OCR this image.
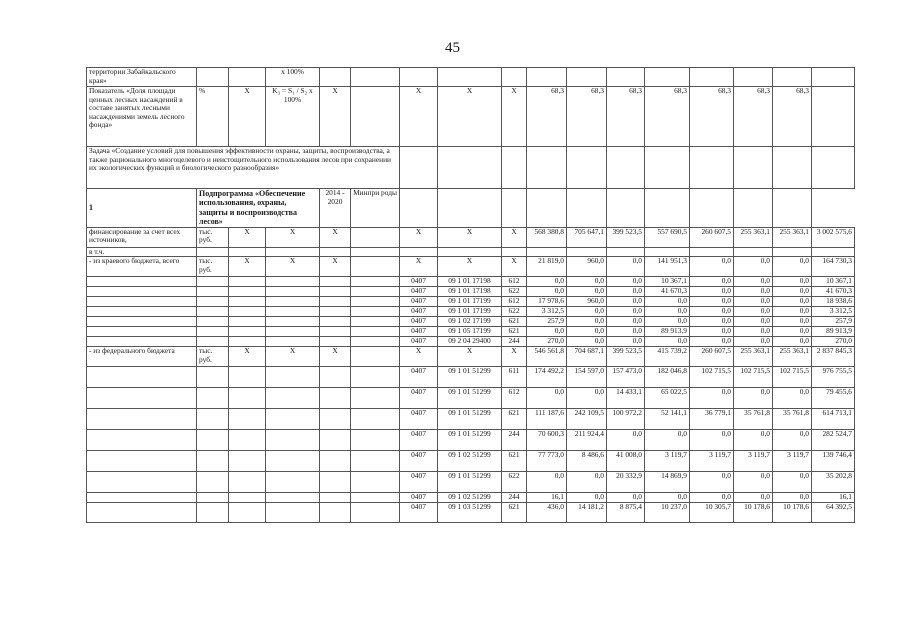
45
территории Забайкальского края»			х 100%													
Показатель «Доля площади ценных лесных насаждений в составе занятых лесными насаждениями земель лесного фонда»	%	X	K₃ = S₁ / S₂ x 100%	X		X	X	X	68,3	68,3	68,3	68,3	68,3	68,3	68,3	
Задача «Создание условий для повышения эффективности охраны, защиты, воспроизводства, а также рационального многоцелевого и неистощительного использования лесов при сохранении их экологических функций и биологического разнообразия»																
1	Подпрограмма «Обеспечение использования, охраны, защиты и воспроизводства лесов»			2014 - 2020	Минпри роды											
финансирование за счет всех источников,	тыс. руб.	X	X	X		X	X	X	568 380,8	705 647,1	399 523,5	557 690,5	260 607,5	255 363,1	255 363,1	3 002 575,6
в т.ч.																
- из краевого бюджета, всего	тыс. руб.	X	X	X		X	X	X	21 819,0	960,0	0,0	141 951,3	0,0	0,0	0,0	164 730,3
						0407	09 1 01 17198	612	0,0	0,0	0,0	10 367,1	0,0	0,0	0,0	10 367,1
						0407	09 1 01 17198	622	0,0	0,0	0,0	41 670,3	0,0	0,0	0,0	41 670,3
						0407	09 1 01 17199	612	17 978,6	960,0	0,0	0,0	0,0	0,0	0,0	18 938,6
						0407	09 1 01 17199	622	3 312,5	0,0	0,0	0,0	0,0	0,0	0,0	3 312,5
						0407	09 1 02 17199	621	257,9	0,0	0,0	0,0	0,0	0,0	0,0	257,9
						0407	09 1 05 17199	621	0,0	0,0	0,0	89 913,9	0,0	0,0	0,0	89 913,9
						0407	09 2 04 29400	244	270,0	0,0	0,0	0,0	0,0	0,0	0,0	270,0
- из федерального бюджета	тыс. руб.	X	X	X		X	X	X	546 561,8	704 687,1	399 523,5	415 739,2	260 607,5	255 363,1	255 363,1	2 837 845,3
						0407	09 1 01 51299	611	174 492,2	154 597,0	157 473,0	182 046,8	102 715,5	102 715,5	102 715,5	976 755,5
						0407	09 1 01 51299	612	0,0	0,0	14 433,1	65 022,5	0,0	0,0	0,0	79 455,6
						0407	09 1 01 51299	621	111 187,6	242 109,5	100 972,2	52 141,1	36 779,1	35 761,8	35 761,8	614 713,1
						0407	09 1 01 51299	244	70 600,3	211 924,4	0,0	0,0	0,0	0,0	0,0	282 524,7
						0407	09 1 02 51299	621	77 773,0	8 486,6	41 008,0	3 119,7	3 119,7	3 119,7	3 119,7	139 746,4
						0407	09 1 01 51299	622	0,0	0,0	20 332,9	14 869,9	0,0	0,0	0,0	35 202,8
						0407	09 1 02 51299	244	16,1	0,0	0,0	0,0	0,0	0,0	0,0	16,1
						0407	09 1 03 51299	621	436,0	14 181,2	8 875,4	10 237,0	10 305,7	10 178,6	10 178,6	64 392,5
